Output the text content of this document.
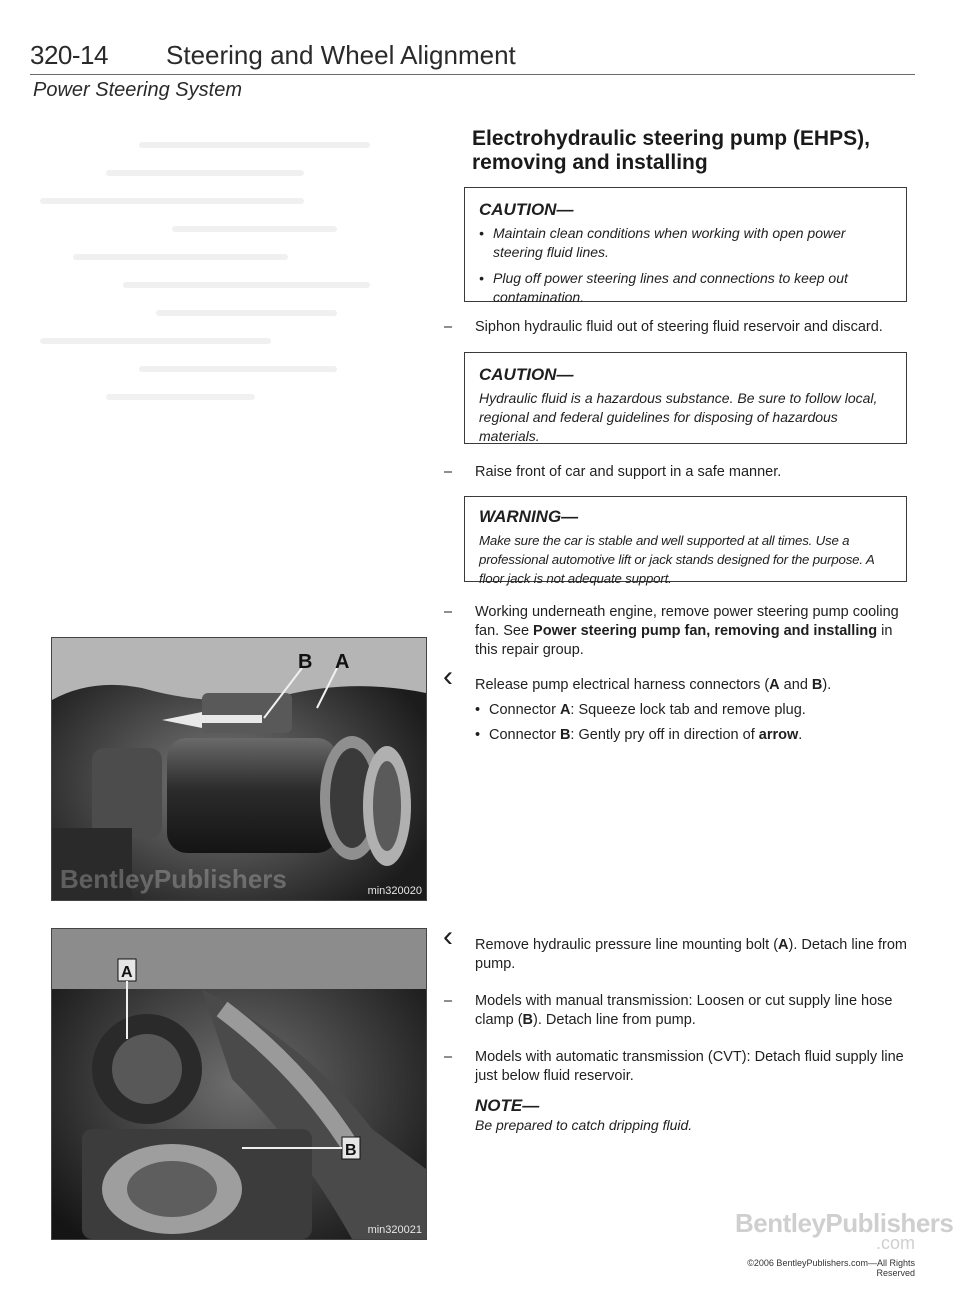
320-14 Steering and Wheel Alignment
Power Steering System
Electrohydraulic steering pump (EHPS), removing and installing
CAUTION—
• Maintain clean conditions when working with open power steering fluid lines.
• Plug off power steering lines and connections to keep out contamination.
– Siphon hydraulic fluid out of steering fluid reservoir and discard.
CAUTION—

Hydraulic fluid is a hazardous substance. Be sure to follow local, regional and federal guidelines for disposing of hazardous materials.

– Raise front of car and support in a safe manner.
WARNING—

Make sure the car is stable and well supported at all times. Use a professional automotive lift or jack stands designed for the purpose. A floor jack is not adequate support.

– Working underneath engine, remove power steering pump cooling fan. See Power steering pump fan, removing and installing in this repair group.
‹ Release pump electrical harness connectors (A and B).
• Connector A: Squeeze lock tab and remove plug.
• Connector B: Gently pry off in direction of arrow.
B A
BentleyPublishers	min320020
‹ Remove hydraulic pressure line mounting bolt (A). Detach line from pump.
– Models with manual transmission: Loosen or cut supply line hose clamp (B). Detach line from pump.
– Models with automatic transmission (CVT): Detach fluid supply line just below fluid reservoir.
NOTE—
Be prepared to catch dripping fluid.
A
B
min320021	BentleyPublishers
.com
©2006 BentleyPublishers.com—All Rights Reserved
